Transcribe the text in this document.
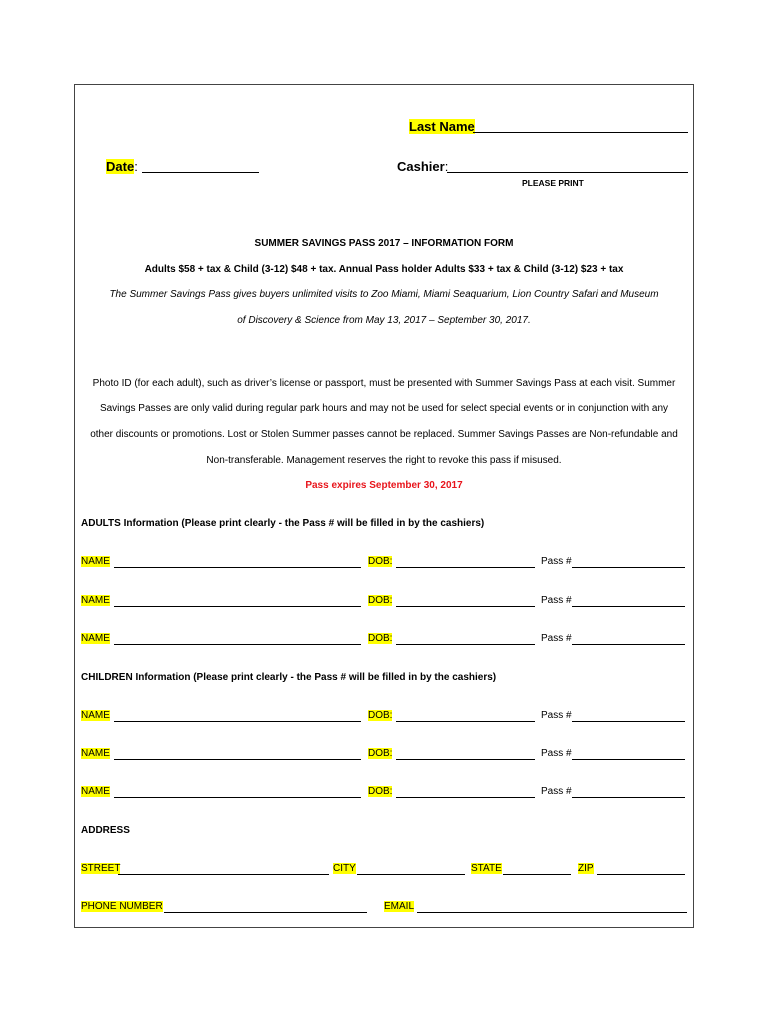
Last Name
Date:	Cashier:
PLEASE PRINT
SUMMER SAVINGS PASS 2017 – INFORMATION FORM
Adults $58 + tax & Child (3-12) $48 + tax. Annual Pass holder Adults $33 + tax & Child (3-12) $23 + tax
The Summer Savings Pass gives buyers unlimited visits to Zoo Miami, Miami Seaquarium, Lion Country Safari and Museum
of Discovery & Science from May 13, 2017 – September 30, 2017.
Photo ID (for each adult), such as driver’s license or passport, must be presented with Summer Savings Pass at each visit. Summer
Savings Passes are only valid during regular park hours and may not be used for select special events or in conjunction with any
other discounts or promotions. Lost or Stolen Summer passes cannot be replaced. Summer Savings Passes are Non-refundable and
Non-transferable. Management reserves the right to revoke this pass if misused.
Pass expires September 30, 2017
ADULTS Information (Please print clearly - the Pass # will be filled in by the cashiers)
NAME	DOB:	Pass #
NAME	DOB:	Pass #
NAME	DOB:	Pass #
CHILDREN Information (Please print clearly - the Pass # will be filled in by the cashiers)
NAME	DOB:	Pass #
NAME	DOB:	Pass #
NAME	DOB:	Pass #
ADDRESS
STREET	CITY	STATE	ZIP
PHONE NUMBER	EMAIL
